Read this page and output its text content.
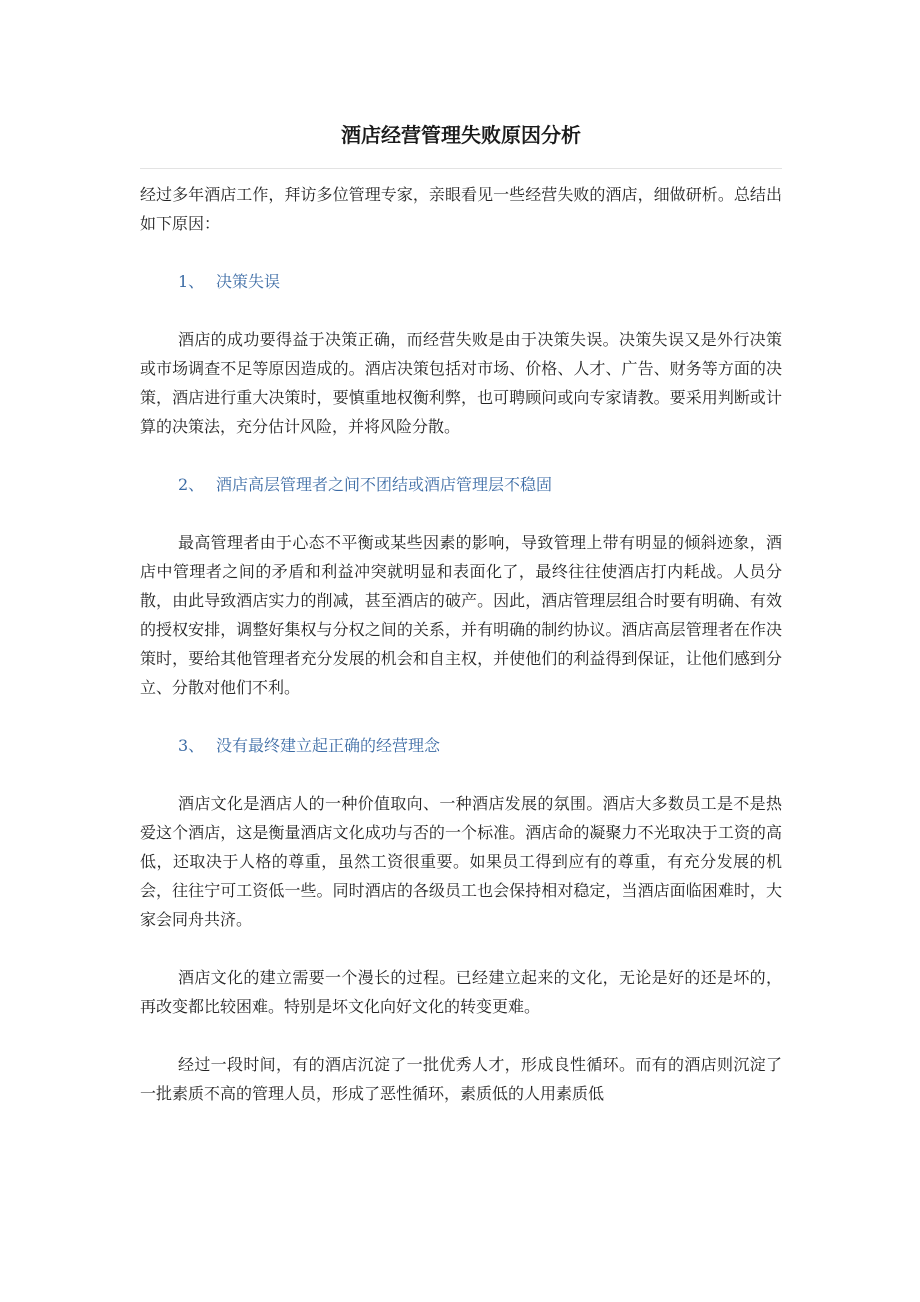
酒店经营管理失败原因分析

经过多年酒店工作，拜访多位管理专家，亲眼看见一些经营失败的酒店，细做研析。总结出如下原因：

1、 决策失误

酒店的成功要得益于决策正确，而经营失败是由于决策失误。决策失误又是外行决策或市场调查不足等原因造成的。酒店决策包括对市场、价格、人才、广告、财务等方面的决策，酒店进行重大决策时，要慎重地权衡利弊，也可聘顾问或向专家请教。要采用判断或计算的决策法，充分估计风险，并将风险分散。

2、 酒店高层管理者之间不团结或酒店管理层不稳固

最高管理者由于心态不平衡或某些因素的影响，导致管理上带有明显的倾斜迹象，酒店中管理者之间的矛盾和利益冲突就明显和表面化了，最终往往使酒店打内耗战。人员分散，由此导致酒店实力的削减，甚至酒店的破产。因此，酒店管理层组合时要有明确、有效的授权安排，调整好集权与分权之间的关系，并有明确的制约协议。酒店高层管理者在作决策时，要给其他管理者充分发展的机会和自主权，并使他们的利益得到保证，让他们感到分立、分散对他们不利。

3、 没有最终建立起正确的经营理念

酒店文化是酒店人的一种价值取向、一种酒店发展的氛围。酒店大多数员工是不是热爱这个酒店，这是衡量酒店文化成功与否的一个标准。酒店命的凝聚力不光取决于工资的高低，还取决于人格的尊重，虽然工资很重要。如果员工得到应有的尊重，有充分发展的机会，往往宁可工资低一些。同时酒店的各级员工也会保持相对稳定，当酒店面临困难时，大家会同舟共济。

酒店文化的建立需要一个漫长的过程。已经建立起来的文化，无论是好的还是坏的，再改变都比较困难。特别是坏文化向好文化的转变更难。

经过一段时间，有的酒店沉淀了一批优秀人才，形成良性循环。而有的酒店则沉淀了一批素质不高的管理人员，形成了恶性循环，素质低的人用素质低
